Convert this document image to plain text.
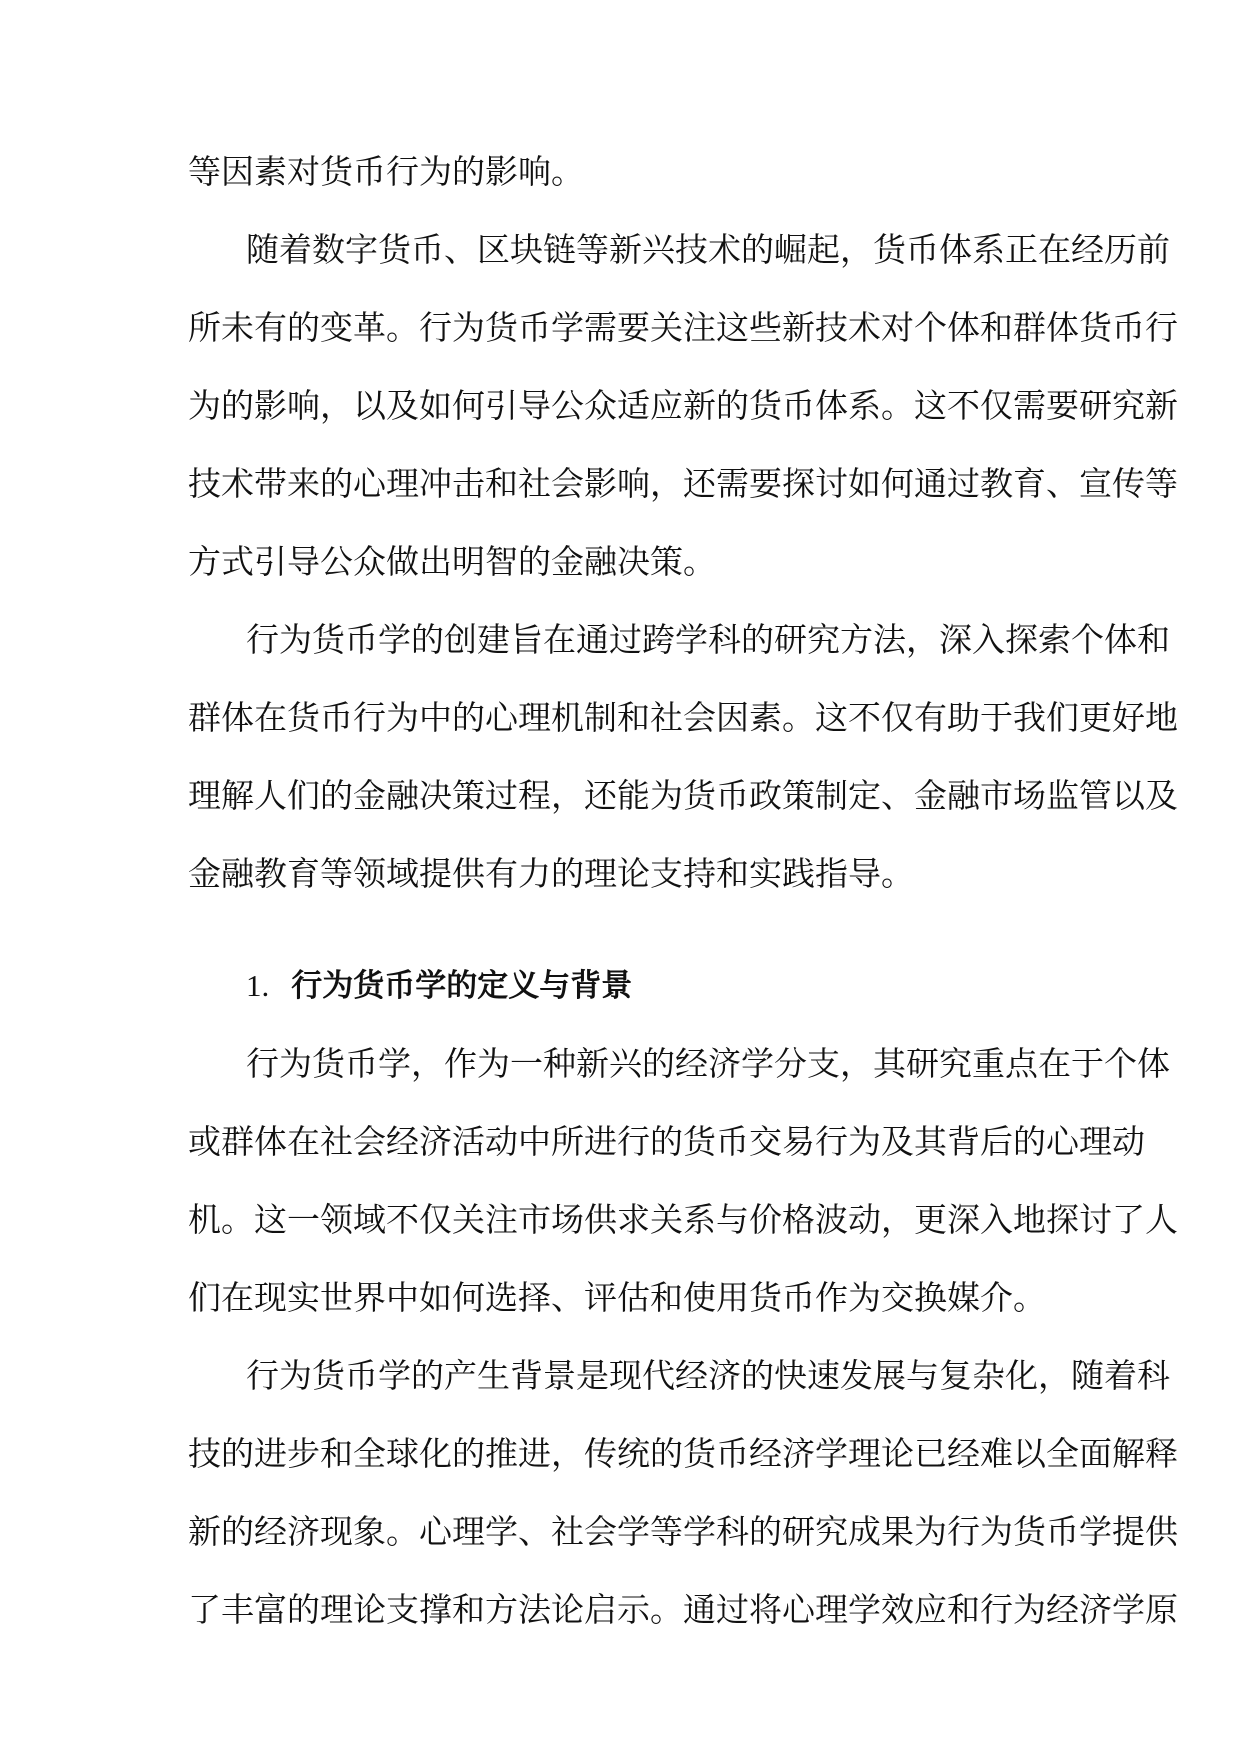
等因素对货币行为的影响。
随着数字货币、区块链等新兴技术的崛起，货币体系正在经历前
所未有的变革。行为货币学需要关注这些新技术对个体和群体货币行
为的影响，以及如何引导公众适应新的货币体系。这不仅需要研究新
技术带来的心理冲击和社会影响，还需要探讨如何通过教育、宣传等
方式引导公众做出明智的金融决策。
行为货币学的创建旨在通过跨学科的研究方法，深入探索个体和
群体在货币行为中的心理机制和社会因素。这不仅有助于我们更好地
理解人们的金融决策过程，还能为货币政策制定、金融市场监管以及
金融教育等领域提供有力的理论支持和实践指导。
1. 行为货币学的定义与背景
行为货币学，作为一种新兴的经济学分支，其研究重点在于个体
或群体在社会经济活动中所进行的货币交易行为及其背后的心理动
机。这一领域不仅关注市场供求关系与价格波动，更深入地探讨了人
们在现实世界中如何选择、评估和使用货币作为交换媒介。
行为货币学的产生背景是现代经济的快速发展与复杂化，随着科
技的进步和全球化的推进，传统的货币经济学理论已经难以全面解释
新的经济现象。心理学、社会学等学科的研究成果为行为货币学提供
了丰富的理论支撑和方法论启示。通过将心理学效应和行为经济学原
